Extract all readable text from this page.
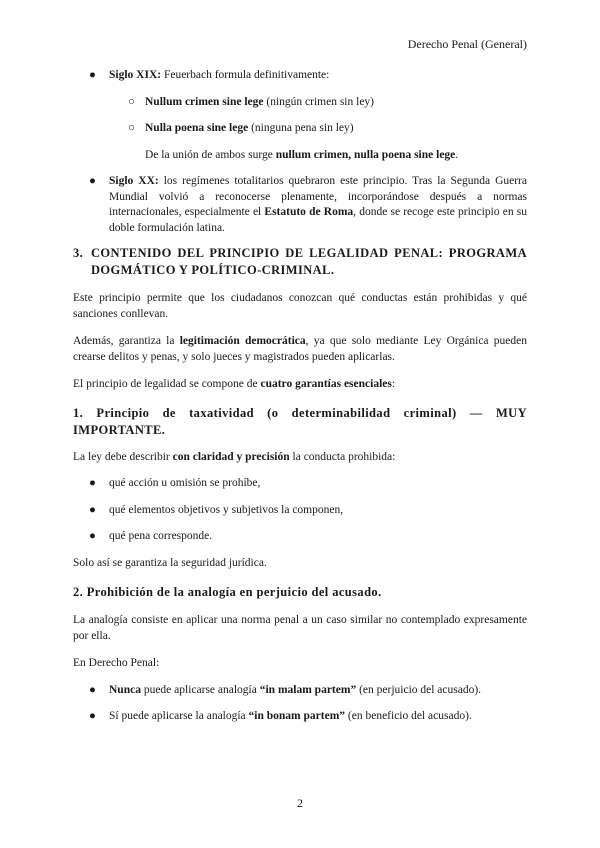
Derecho Penal (General)
● Siglo XIX: Feuerbach formula definitivamente:
○ Nullum crimen sine lege (ningún crimen sin ley)
○ Nulla poena sine lege (ninguna pena sin ley)

De la unión de ambos surge nullum crimen, nulla poena sine lege.

● Siglo XX: los regímenes totalitarios quebraron este principio. Tras la Segunda Guerra Mundial volvió a reconocerse plenamente, incorporándose después a normas internacionales, especialmente el Estatuto de Roma, donde se recoge este principio en su doble formulación latina.
3. CONTENIDO DEL PRINCIPIO DE LEGALIDAD PENAL: PROGRAMA DOGMÁTICO Y POLÍTICO-CRIMINAL.

Este principio permite que los ciudadanos conozcan qué conductas están prohibidas y qué sanciones conllevan.

Además, garantiza la legitimación democrática, ya que solo mediante Ley Orgánica pueden crearse delitos y penas, y solo jueces y magistrados pueden aplicarlas.

El principio de legalidad se compone de cuatro garantías esenciales:

1. Principio de taxatividad (o determinabilidad criminal) — MUY IMPORTANTE.

La ley debe describir con claridad y precisión la conducta prohibida:

● qué acción u omisión se prohíbe,
● qué elementos objetivos y subjetivos la componen,
● qué pena corresponde.

Solo así se garantiza la seguridad jurídica.

2. Prohibición de la analogía en perjuicio del acusado.

La analogía consiste en aplicar una norma penal a un caso similar no contemplado expresamente por ella.

En Derecho Penal:

● Nunca puede aplicarse analogía “in malam partem” (en perjuicio del acusado).
● Sí puede aplicarse la analogía “in bonam partem” (en beneficio del acusado).
2
